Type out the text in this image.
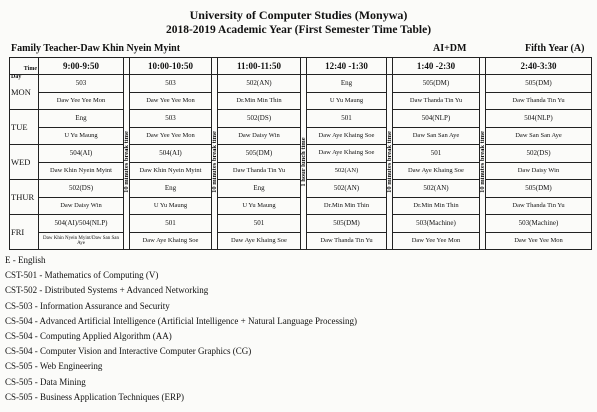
University of Computer Studies (Monywa)
2018-2019 Academic Year (First Semester Time Table)
Family Teacher-Daw Khin Nyein Myint	AI+DM	Fifth Year (A)
Time
Day	9:00-9:50		10:00-10:50		11:00-11:50		12:40 -1:30		1:40 -2:30		2:40-3:30
MON	503	10 minutes break time	503	10 minutes break time	502(AN)	1 hour lunch time	Eng	10 minutes break time	505(DM)	10 minutes break time	505(DM)
	Daw Yee Yee Mon		Daw Yee Yee Mon		Dr.Min Min Thin		U Yu Maung		Daw Thanda Tin Yu		Daw Thanda Tin Yu
TUE	Eng		503		502(DS)		501		504(NLP)		504(NLP)
	U Yu Maung		Daw Yee Yee Mon		Daw Daisy Win		Daw Aye Khaing Soe		Daw San San Aye		Daw San San Aye
WED	504(AI)		504(AI)		505(DM)		Daw Aye Khaing Soe		501		502(DS)
	Daw Khin Nyein Myint		Daw Khin Nyein Myint		Daw Thanda Tin Yu		502(AN)		Daw Aye Khaing Soe		Daw Daisy Win
THUR	502(DS)		Eng		Eng		502(AN)		502(AN)		505(DM)
	Daw Daisy Win		U Yu Maung		U Yu Maung		Dr.Min Min Thin		Dr.Min Min Thin		Daw Thanda Tin Yu
FRI	504(AI)/504(NLP)		501		501		505(DM)		503(Machine)		503(Machine)
	Daw Khin Nyein Myint/Daw San San Aye		Daw Aye Khaing Soe		Daw Aye Khaing Soe		Daw Thanda Tin Yu		Daw Yee Yee Mon		Daw Yee Yee Mon
E - English
CST-501 - Mathematics of Computing (V)
CST-502 - Distributed Systems + Advanced Networking
CS-503 - Information Assurance and Security
CS-504 - Advanced Artificial Intelligence (Artificial Intelligence + Natural Language Processing)
CS-504 - Computing Applied Algorithm (AA)
CS-504 - Computer Vision and Interactive Computer Graphics (CG)
CS-505 - Web Engineering
CS-505 - Data Mining
CS-505 - Business Application Techniques (ERP)
